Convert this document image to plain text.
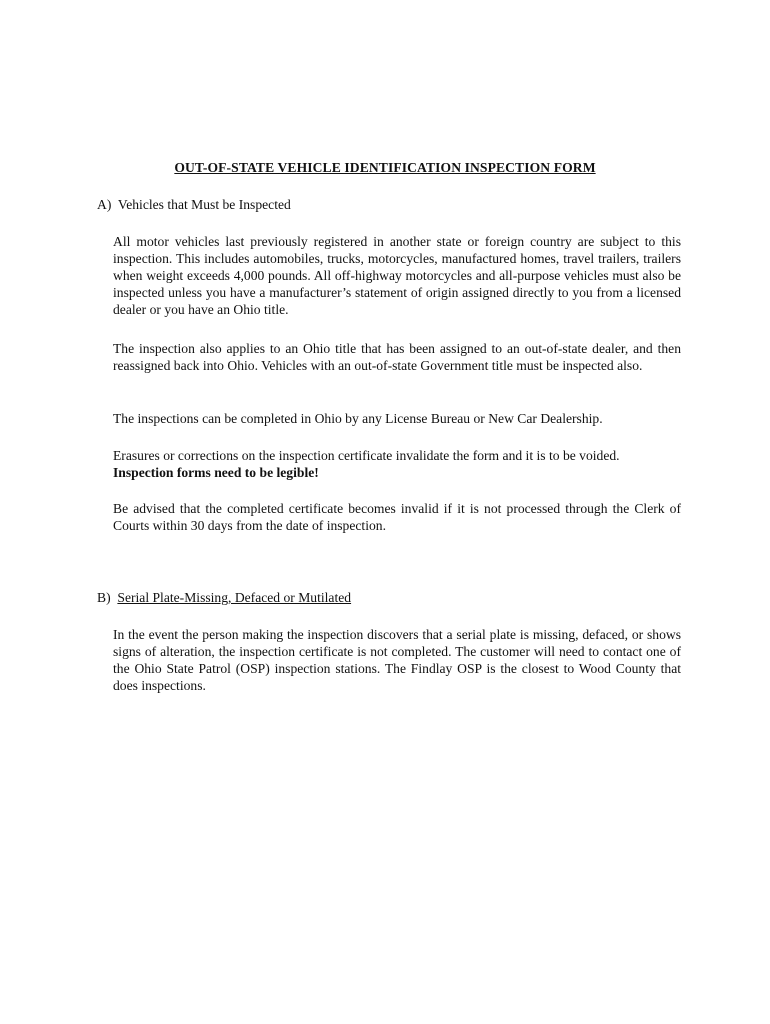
OUT-OF-STATE VEHICLE IDENTIFICATION INSPECTION FORM
A) Vehicles that Must be Inspected
All motor vehicles last previously registered in another state or foreign country are subject to this inspection. This includes automobiles, trucks, motorcycles, manufactured homes, travel trailers, trailers when weight exceeds 4,000 pounds. All off-highway motorcycles and all-purpose vehicles must also be inspected unless you have a manufacturer’s statement of origin assigned directly to you from a licensed dealer or you have an Ohio title.
The inspection also applies to an Ohio title that has been assigned to an out-of-state dealer, and then reassigned back into Ohio. Vehicles with an out-of-state Government title must be inspected also.
The inspections can be completed in Ohio by any License Bureau or New Car Dealership.
Erasures or corrections on the inspection certificate invalidate the form and it is to be voided.
Inspection forms need to be legible!
Be advised that the completed certificate becomes invalid if it is not processed through the Clerk of Courts within 30 days from the date of inspection.
B) Serial Plate-Missing, Defaced or Mutilated
In the event the person making the inspection discovers that a serial plate is missing, defaced, or shows signs of alteration, the inspection certificate is not completed. The customer will need to contact one of the Ohio State Patrol (OSP) inspection stations. The Findlay OSP is the closest to Wood County that does inspections.
